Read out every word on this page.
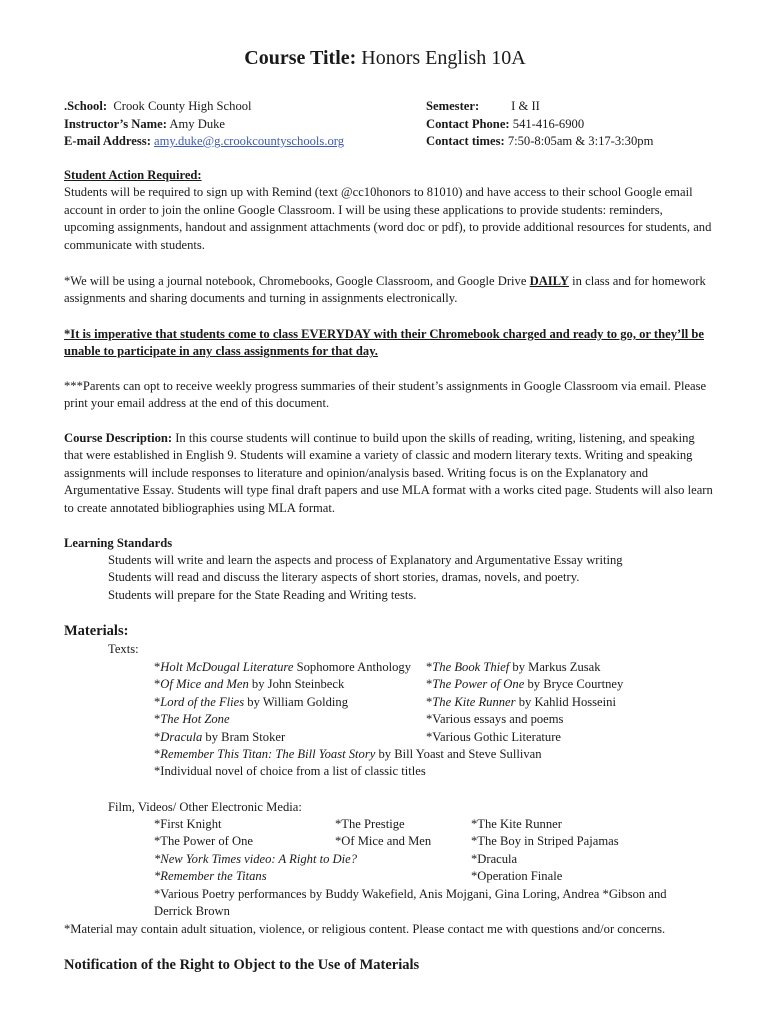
Course Title: Honors English 10A
.School: Crook County High School
Instructor’s Name: Amy Duke
E-mail Address: amy.duke@g.crookcountyschools.org
Semester:	I & II
Contact Phone: 541-416-6900
Contact times: 7:50-8:05am & 3:17-3:30pm
Student Action Required:
Students will be required to sign up with Remind (text @cc10honors to 81010) and have access to their school Google email account in order to join the online Google Classroom. I will be using these applications to provide students: reminders, upcoming assignments, handout and assignment attachments (word doc or pdf), to provide additional resources for students, and communicate with students.
*We will be using a journal notebook, Chromebooks, Google Classroom, and Google Drive DAILY in class and for homework assignments and sharing documents and turning in assignments electronically.
*It is imperative that students come to class EVERYDAY with their Chromebook charged and ready to go, or they’ll be unable to participate in any class assignments for that day.
***Parents can opt to receive weekly progress summaries of their student’s assignments in Google Classroom via email. Please print your email address at the end of this document.
Course Description: In this course students will continue to build upon the skills of reading, writing, listening, and speaking that were established in English 9. Students will examine a variety of classic and modern literary texts. Writing and speaking assignments will include responses to literature and opinion/analysis based. Writing focus is on the Explanatory and Argumentative Essay. Students will type final draft papers and use MLA format with a works cited page. Students will also learn to create annotated bibliographies using MLA format.
Learning Standards
Students will write and learn the aspects and process of Explanatory and Argumentative Essay writing
Students will read and discuss the literary aspects of short stories, dramas, novels, and poetry.
Students will prepare for the State Reading and Writing tests.
Materials:
Texts:
*Holt McDougal Literature Sophomore Anthology
*Of Mice and Men by John Steinbeck
*Lord of the Flies by William Golding
*The Hot Zone
*Dracula by Bram Stoker
*Remember This Titan: The Bill Yoast Story by Bill Yoast and Steve Sullivan
*Individual novel of choice from a list of classic titles
*The Book Thief by Markus Zusak
*The Power of One by Bryce Courtney
*The Kite Runner by Kahlid Hosseini
*Various essays and poems
*Various Gothic Literature
Film, Videos/ Other Electronic Media:
*First Knight
*The Power of One
*New York Times video: A Right to Die?
*Remember the Titans
*The Prestige
*Of Mice and Men
*The Kite Runner
*The Boy in Striped Pajamas
*Dracula
*Operation Finale
*Various Poetry performances by Buddy Wakefield, Anis Mojgani, Gina Loring, Andrea *Gibson and
Derrick Brown
*Material may contain adult situation, violence, or religious content. Please contact me with questions and/or concerns.
Notification of the Right to Object to the Use of Materials
